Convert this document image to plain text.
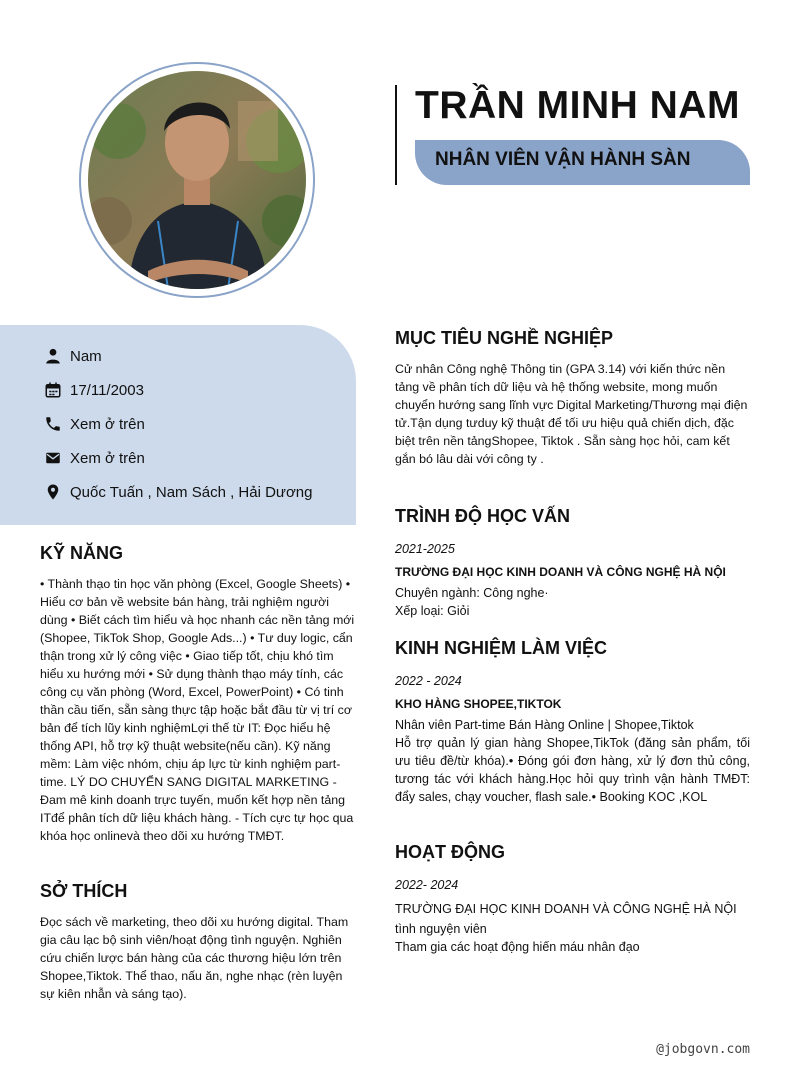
TRẦN MINH NAM
NHÂN VIÊN VẬN HÀNH SÀN
Nam
17/11/2003
Xem ở trên
Xem ở trên
Quốc Tuấn , Nam Sách , Hải Dương
KỸ NĂNG
• Thành thạo tin học văn phòng (Excel, Google Sheets) • Hiểu cơ bản về website bán hàng, trải nghiệm người dùng • Biết cách tìm hiểu và học nhanh các nền tảng mới (Shopee, TikTok Shop, Google Ads...) • Tư duy logic, cẩn thận trong xử lý công việc • Giao tiếp tốt, chịu khó tìm hiểu xu hướng mới • Sử dụng thành thạo máy tính, các công cụ văn phòng (Word, Excel, PowerPoint) • Có tinh thần cầu tiến, sẵn sàng thực tập hoặc bắt đầu từ vị trí cơ bản để tích lũy kinh nghiệmLợi thế từ IT: Đọc hiểu hệ thống API, hỗ trợ kỹ thuật website(nếu cần). Kỹ năng mềm: Làm việc nhóm, chịu áp lực từ kinh nghiệm part- time. LÝ DO CHUYỂN SANG DIGITAL MARKETING - Đam mê kinh doanh trực tuyến, muốn kết hợp nền tảng ITđể phân tích dữ liệu khách hàng. - Tích cực tự học qua khóa học onlinevà theo dõi xu hướng TMĐT.
SỞ THÍCH
Đọc sách về marketing, theo dõi xu hướng digital. Tham gia câu lạc bộ sinh viên/hoạt động tình nguyện. Nghiên cứu chiến lược bán hàng của các thương hiệu lớn trên Shopee,Tiktok. Thể thao, nấu ăn, nghe nhạc (rèn luyện sự kiên nhẫn và sáng tạo).
MỤC TIÊU NGHỀ NGHIỆP
Cử nhân Công nghệ Thông tin (GPA 3.14) với kiến thức nền tảng về phân tích dữ liệu và hệ thống website, mong muốn chuyển hướng sang lĩnh vực Digital Marketing/Thương mại điện tử.Tận dụng tưduy kỹ thuật để tối ưu hiệu quả chiến dịch, đặc biệt trên nền tảngShopee, Tiktok . Sẵn sàng học hỏi, cam kết gắn bó lâu dài với công ty .
TRÌNH ĐỘ HỌC VẤN
2021-2025
TRƯỜNG ĐẠI HỌC KINH DOANH VÀ CÔNG NGHỆ HÀ NỘI
Chuyên ngành: Công nghe·
Xếp loại: Giỏi
KINH NGHIỆM LÀM VIỆC
2022 - 2024
KHO HÀNG SHOPEE,TIKTOK
Nhân viên Part-time Bán Hàng Online | Shopee,Tiktok
Hỗ trợ quản lý gian hàng Shopee,TikTok (đăng sản phẩm, tối ưu tiêu đề/từ khóa).• Đóng gói đơn hàng, xử lý đơn thủ công, tương tác với khách hàng.Học hỏi quy trình vận hành TMĐT: đẩy sales, chạy voucher, flash sale.• Booking KOC ,KOL
HOẠT ĐỘNG
2022- 2024
TRƯỜNG ĐẠI HỌC KINH DOANH VÀ CÔNG NGHỆ HÀ NỘI
tình nguyện viên
Tham gia các hoạt động hiến máu nhân đạo
@jobgovn.com
